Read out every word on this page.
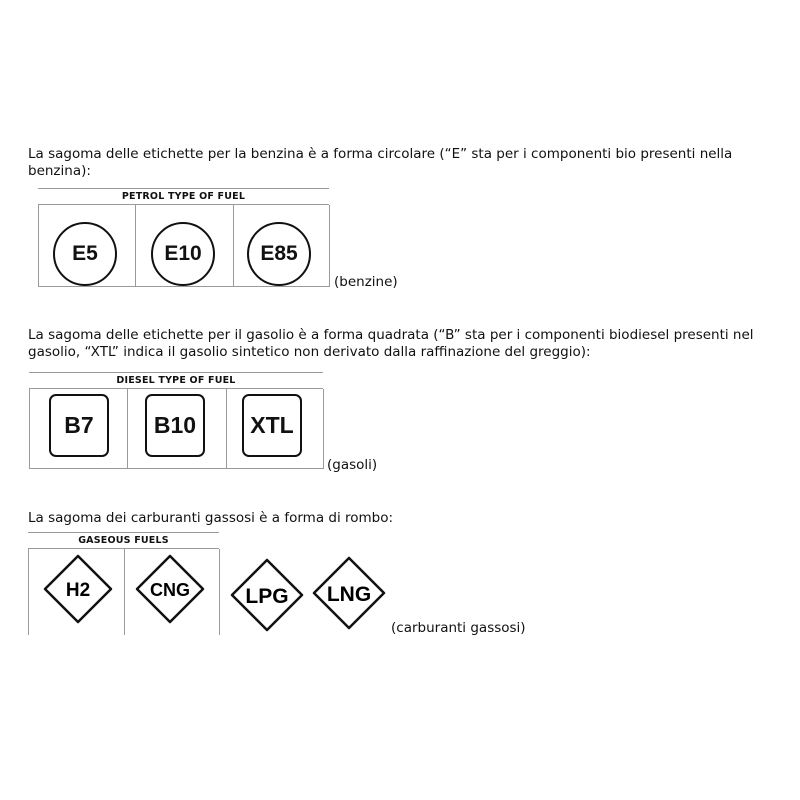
La sagoma delle etichette per la benzina è a forma circolare (“E” sta per i componenti bio presenti nella benzina):

PETROL TYPE OF FUEL
E5	E10	E85
(benzine)

La sagoma delle etichette per il gasolio è a forma quadrata (“B” sta per i componenti biodiesel presenti nel gasolio, “XTL” indica il gasolio sintetico non derivato dalla raffinazione del greggio):

DIESEL TYPE OF FUEL
B7	B10	XTL
(gasoli)

La sagoma dei carburanti gassosi è a forma di rombo:

GASEOUS FUELS
H2	CNG	LPG LNG
(carburanti gassosi)
